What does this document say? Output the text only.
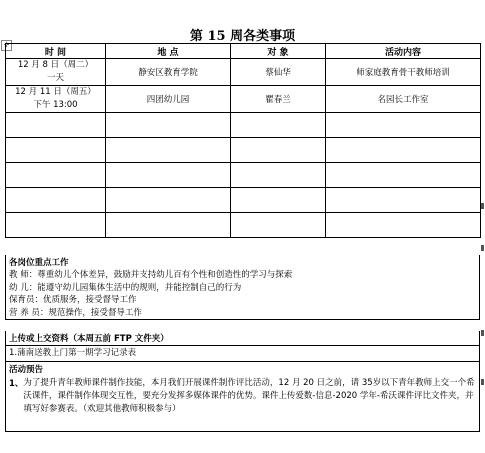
第 15 周各类事项
✛
时 间	地 点	对 象	活动内容

12 月 8 日（周二）
一天	静安区教育学院	蔡仙华	师家庭教育骨干教师培训

12 月 11 日（周五）
下午 13:00	四团幼儿园	瞿春兰	名园长工作室

各岗位重点工作
教 师：尊重幼儿个体差异，鼓励并支持幼儿百有个性和创造性的学习与探索
幼 儿：能遵守幼儿园集体生活中的规则，并能控制自己的行为
保育员：优质服务，接受督导工作
营 养 员：规范操作，接受督导工作
上传或上交资料（本周五前 FTP 文件夹）
1.蒲南送教上门第一期学习记录表
活动预告
1、 为了提升青年教师课件制作技能，本月我们开展课件制作评比活动，12 月 20 日之前，请 35岁以下青年教师上交一个希沃课件，课件制作体现交互性，要充分发挥多媒体课件的优势。课件上传爱数-信息-2020 学年-希沃课件评比文件夹，并填写好参赛表。（欢迎其他教师积极参与）
